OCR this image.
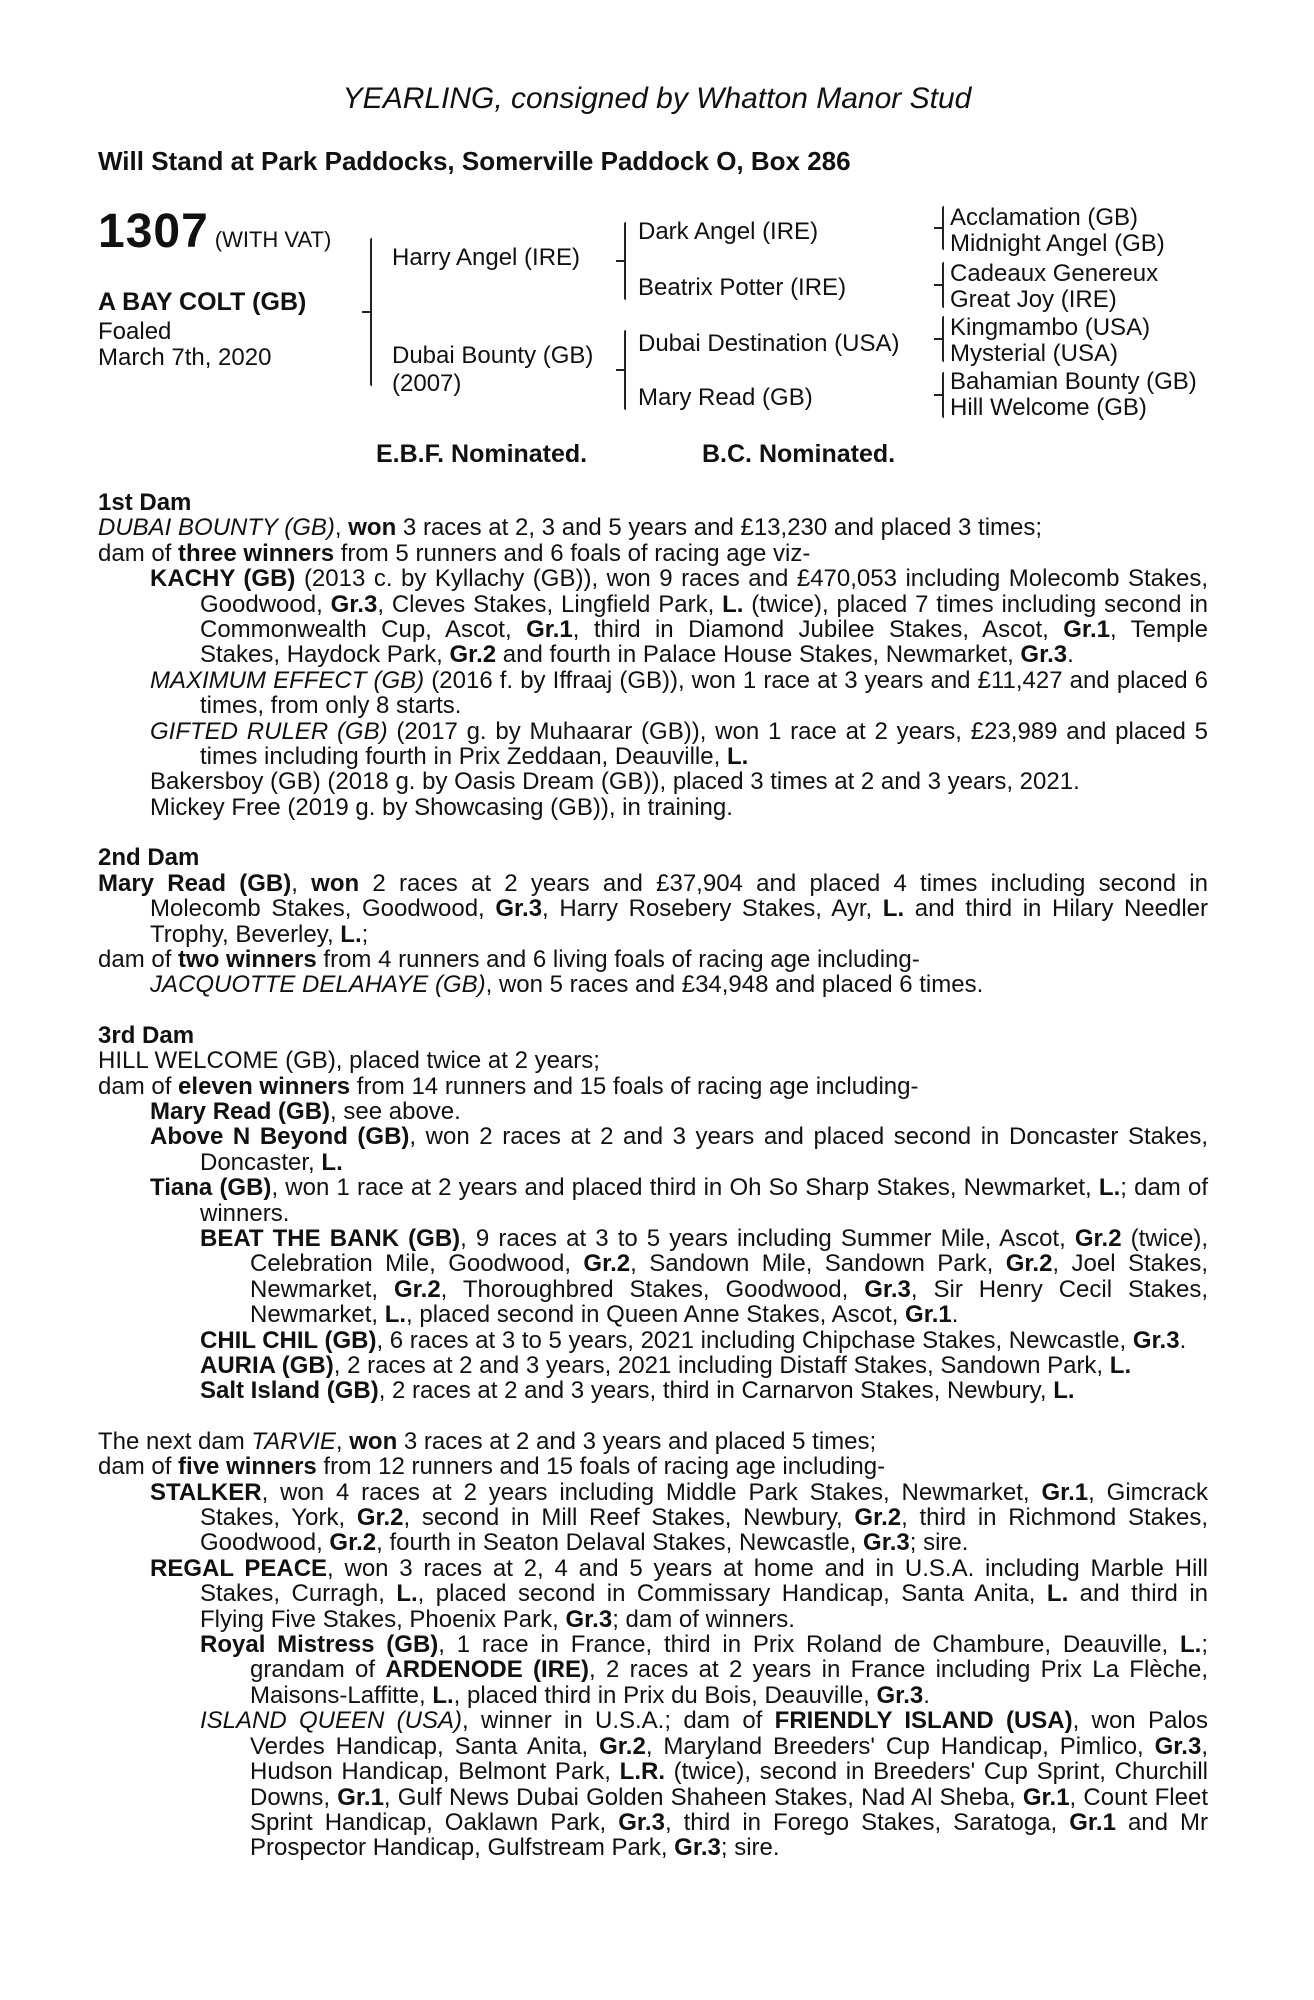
YEARLING, consigned by Whatton Manor Stud
Will Stand at Park Paddocks, Somerville Paddock O, Box 286
1307 (WITH VAT)
A BAY COLT (GB)
Foaled
March 7th, 2020
Harry Angel (IRE)
Dubai Bounty (GB)
(2007)
Dark Angel (IRE)
Beatrix Potter (IRE)
Dubai Destination (USA)
Mary Read (GB)
Acclamation (GB)
Midnight Angel (GB)
Cadeaux Genereux
Great Joy (IRE)
Kingmambo (USA)
Mysterial (USA)
Bahamian Bounty (GB)
Hill Welcome (GB)
E.B.F. Nominated.	B.C. Nominated.

1st Dam

DUBAI BOUNTY (GB), won 3 races at 2, 3 and 5 years and £13,230 and placed 3 times;

dam of three winners from 5 runners and 6 foals of racing age viz-

KACHY (GB) (2013 c. by Kyllachy (GB)), won 9 races and £470,053 including Molecomb Stakes, Goodwood, Gr.3, Cleves Stakes, Lingfield Park, L. (twice), placed 7 times including second in Commonwealth Cup, Ascot, Gr.1, third in Diamond Jubilee Stakes, Ascot, Gr.1, Temple Stakes, Haydock Park, Gr.2 and fourth in Palace House Stakes, Newmarket, Gr.3.

MAXIMUM EFFECT (GB) (2016 f. by Iffraaj (GB)), won 1 race at 3 years and £11,427 and placed 6 times, from only 8 starts.

GIFTED RULER (GB) (2017 g. by Muhaarar (GB)), won 1 race at 2 years, £23,989 and placed 5 times including fourth in Prix Zeddaan, Deauville, L.

Bakersboy (GB) (2018 g. by Oasis Dream (GB)), placed 3 times at 2 and 3 years, 2021.

Mickey Free (2019 g. by Showcasing (GB)), in training.

2nd Dam

Mary Read (GB), won 2 races at 2 years and £37,904 and placed 4 times including second in Molecomb Stakes, Goodwood, Gr.3, Harry Rosebery Stakes, Ayr, L. and third in Hilary Needler Trophy, Beverley, L.;

dam of two winners from 4 runners and 6 living foals of racing age including-

JACQUOTTE DELAHAYE (GB), won 5 races and £34,948 and placed 6 times.

3rd Dam

HILL WELCOME (GB), placed twice at 2 years;

dam of eleven winners from 14 runners and 15 foals of racing age including-

Mary Read (GB), see above.

Above N Beyond (GB), won 2 races at 2 and 3 years and placed second in Doncaster Stakes, Doncaster, L.

Tiana (GB), won 1 race at 2 years and placed third in Oh So Sharp Stakes, Newmarket, L.; dam of winners.

BEAT THE BANK (GB), 9 races at 3 to 5 years including Summer Mile, Ascot, Gr.2 (twice), Celebration Mile, Goodwood, Gr.2, Sandown Mile, Sandown Park, Gr.2, Joel Stakes, Newmarket, Gr.2, Thoroughbred Stakes, Goodwood, Gr.3, Sir Henry Cecil Stakes, Newmarket, L., placed second in Queen Anne Stakes, Ascot, Gr.1.

CHIL CHIL (GB), 6 races at 3 to 5 years, 2021 including Chipchase Stakes, Newcastle, Gr.3.

AURIA (GB), 2 races at 2 and 3 years, 2021 including Distaff Stakes, Sandown Park, L.

Salt Island (GB), 2 races at 2 and 3 years, third in Carnarvon Stakes, Newbury, L.

The next dam TARVIE, won 3 races at 2 and 3 years and placed 5 times;

dam of five winners from 12 runners and 15 foals of racing age including-

STALKER, won 4 races at 2 years including Middle Park Stakes, Newmarket, Gr.1, Gimcrack Stakes, York, Gr.2, second in Mill Reef Stakes, Newbury, Gr.2, third in Richmond Stakes, Goodwood, Gr.2, fourth in Seaton Delaval Stakes, Newcastle, Gr.3; sire.

REGAL PEACE, won 3 races at 2, 4 and 5 years at home and in U.S.A. including Marble Hill Stakes, Curragh, L., placed second in Commissary Handicap, Santa Anita, L. and third in Flying Five Stakes, Phoenix Park, Gr.3; dam of winners.

Royal Mistress (GB), 1 race in France, third in Prix Roland de Chambure, Deauville, L.; grandam of ARDENODE (IRE), 2 races at 2 years in France including Prix La Flèche, Maisons-Laffitte, L., placed third in Prix du Bois, Deauville, Gr.3.

ISLAND QUEEN (USA), winner in U.S.A.; dam of FRIENDLY ISLAND (USA), won Palos Verdes Handicap, Santa Anita, Gr.2, Maryland Breeders' Cup Handicap, Pimlico, Gr.3, Hudson Handicap, Belmont Park, L.R. (twice), second in Breeders' Cup Sprint, Churchill Downs, Gr.1, Gulf News Dubai Golden Shaheen Stakes, Nad Al Sheba, Gr.1, Count Fleet Sprint Handicap, Oaklawn Park, Gr.3, third in Forego Stakes, Saratoga, Gr.1 and Mr Prospector Handicap, Gulfstream Park, Gr.3; sire.
